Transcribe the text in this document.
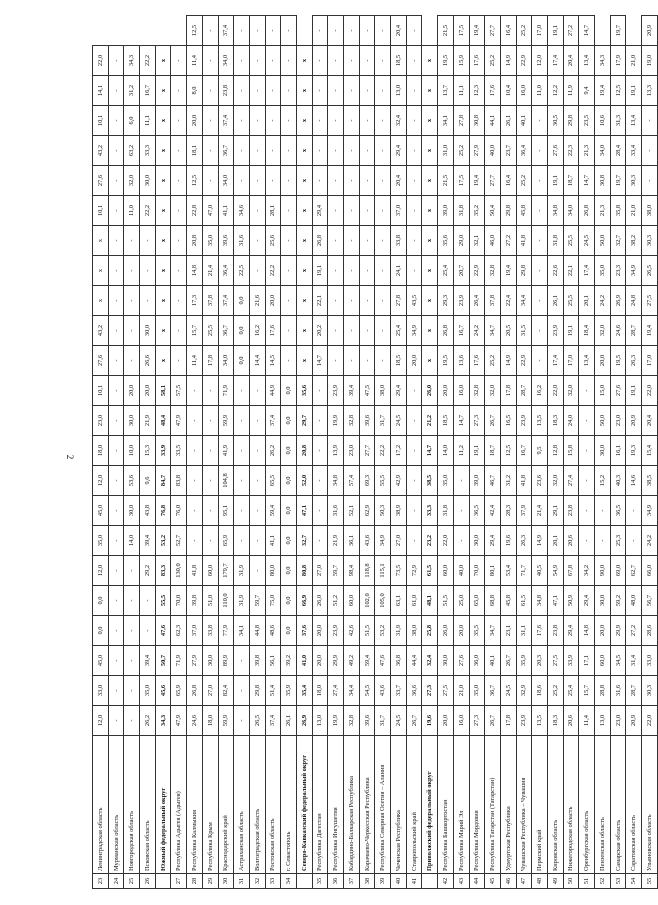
2
23	Ленинградская область	12,0	33,0	45,0	0,0	0,0	12,0	35,0	45,0	12,0	18,0	23,0	10,1	27,6	43,2	x	x	x	10,1	27,6	43,2	10,1	14,1	22,0	
24	Мурманская область	-	-	-	-	-	-	-	-	-	-	-	-	-	-	-	-	-	-	-	-	-	-	-	
25	Новгородская область	-	-	-	-	-	-	14,0	30,0	53,6	10,0	30,0	20,0	-	-	-	-	-	11,0	32,0	63,2	6,0	31,2	34,3	
26	Псковская область	26,2	35,0	39,4	-	-	29,2	39,4	43,8	9,6	15,3	21,9	20,0	26,6	30,0	-	-	-	22,2	30,0	33,3	11,1	16,7	22,2	
	Южный федеральный округ	34,3	45,6	50,7	47,6	55,5	83,3	53,2	76,8	84,7	33,9	48,4	58,1	x	x	x	x	x	x	x	x	x	x	x	
27	Республика Адыгея (Адыгея)	47,9	65,9	71,9	62,3	70,0	130,0	52,7	76,0	83,8	33,5	47,9	57,5	-	-	-	-	-	-	-	-	-	-	-	
28	Республика Калмыкия	24,6	26,8	27,9	37,0	39,8	41,8	-	-	-	-	-	-	11,4	15,7	17,3	14,8	20,8	22,8	12,5	18,1	20,0	8,0	11,4	12,5
29	Республика Крым	18,0	27,0	30,0	33,8	51,0	60,0	-	-	-	-	-	-	17,8	25,5	37,8	21,4	35,0	47,0	-	-	-	-	-	-
30	Краснодарский край	59,9	82,4	89,9	77,9	110,0	179,7	65,9	95,1	104,8	41,9	59,9	71,9	34,0	36,7	37,4	36,4	39,6	41,1	34,0	36,7	37,4	23,8	34,0	37,4
31	Астраханская область	-	-	-	34,1	31,9	31,9	-	-	-	-	-	-	0,0	0,0	0,0	22,5	31,6	34,6	-	-	-	-	-	-
32	Волгоградская область	26,5	29,8	39,8	44,8	59,7	-	-	-	-	-	-	-	14,4	16,2	21,6	-	-	-	-	-	-	-	-	-
33	Ростовская область	37,4	51,4	56,1	48,6	75,0	80,0	41,1	59,4	65,5	26,2	37,4	44,9	14,5	17,6	20,0	22,2	25,6	28,1	-	-	-	-	-	-
34	г. Севастополь	26,1	35,9	39,2	0,0	0,0	0,0	0,0	0,0	0,0	0,0	0,0	0,0	-	-	-	-	-	-	-	-	-	-	-	-
	Северо-Кавказский федеральный округ	26,9	35,4	41,0	37,6	66,9	80,8	32,7	47,1	52,0	20,8	29,7	35,6	x	x	x	x	x	x	x	x	x	x	x	
35	Республика Дагестан	13,0	18,0	20,0	20,0	26,0	27,0	-	-	-	-	-	-	14,7	20,2	22,1	19,1	26,8	29,4	-	-	-	-	-	-
36	Республика Ингушетия	19,9	27,4	29,9	23,9	51,2	59,7	21,9	31,6	34,8	13,9	19,9	23,9	-	-	-	-	-	-	-	-	-	-	-	-
37	Кабардино-Балкарская Республика	32,8	34,4	49,2	42,6	60,0	98,4	36,1	52,1	57,4	23,0	32,8	39,4	-	-	-	-	-	-	-	-	-	-	-	-
38	Карачаево-Черкесская Республика	39,6	54,5	59,4	51,5	102,0	118,8	43,6	62,9	69,3	27,7	39,6	47,5	-	-	-	-	-	-	-	-	-	-	-	-
39	Республика Северная Осетия – Алания	31,7	43,6	47,6	53,2	105,0	115,1	34,9	50,3	55,5	22,2	31,7	38,0	-	-	-	-	-	-	-	-	-	-	-	-
40	Чеченская Республика	24,5	33,7	36,8	31,9	63,1	73,5	27,0	38,9	42,9	17,2	24,5	29,4	18,5	25,4	27,8	24,1	33,8	37,0	20,4	29,4	32,4	13,0	18,5	20,4
41	Ставропольский край	26,7	36,6	44,4	38,0	61,0	72,9	-	-	-	-	-	-	20,0	34,9	43,5	-	-	-	-	-	-	-	-	-
	Приволжский федеральный округ	19,6	27,3	32,4	25,8	48,1	61,5	23,2	33,3	38,5	14,7	21,2	26,0	x	x	x	x	x	x	x	x	x	x	x	
42	Республика Башкортостан	20,0	27,5	30,0	26,0	51,5	60,0	22,0	31,8	35,0	14,0	18,5	20,0	19,5	26,8	29,3	25,4	35,6	39,0	21,5	31,0	34,1	13,7	19,5	21,5
43	Республика Марий Эл	16,0	21,0	27,6	20,0	25,0	40,0	-	-	-	11,2	14,7	16,0	13,6	16,7	23,9	20,7	29,0	31,8	17,5	25,2	27,8	11,1	15,9	17,5
44	Республика Мордовия	27,3	35,0	36,0	35,5	65,0	70,0	30,0	36,5	39,0	19,1	27,3	32,8	17,6	24,2	26,4	22,9	32,1	35,2	19,4	27,9	30,8	12,3	17,6	19,4
45	Республика Татарстан (Татарстан)	26,7	36,7	40,1	34,7	68,8	80,1	29,4	42,4	46,7	18,7	26,7	32,0	25,2	34,7	37,8	32,8	46,0	50,4	27,7	40,0	44,1	17,6	25,2	27,7
46	Удмуртская Республика	17,8	24,5	26,7	23,1	45,8	53,4	19,6	28,3	31,2	12,5	16,5	17,8	14,9	20,5	22,4	19,4	27,2	29,8	16,4	23,7	26,1	10,4	14,9	16,4
47	Чувашская Республика – Чувашия	23,9	32,9	35,9	31,1	61,5	71,7	26,3	37,9	41,8	16,7	23,9	28,7	22,9	31,5	34,4	29,8	41,8	45,8	25,2	36,4	40,1	16,0	22,9	25,2
48	Пермский край	13,5	18,6	20,3	17,6	34,8	40,5	14,9	21,4	23,6	9,5	13,5	16,2	-	-	-	-	-	-	-	-	-	11,0	12,0	17,0
49	Кировская область	18,3	25,2	27,5	23,8	47,1	54,9	20,1	29,1	32,0	12,8	18,3	22,0	17,4	23,9	26,1	22,6	31,8	34,8	19,1	27,6	30,5	12,2	17,4	19,1
50	Нижегородская область	20,6	25,4	33,9	29,4	50,9	67,8	20,6	23,8	27,4	15,8	24,0	32,0	17,0	19,1	25,5	22,1	25,5	34,0	18,7	22,3	29,8	11,9	20,4	27,2
51	Оренбургская область	11,4	15,7	17,1	14,8	29,4	34,2	-	-	-	-	-	-	13,4	18,4	20,1	17,4	24,5	26,8	14,7	21,3	23,5	9,4	13,4	14,7
52	Пензенская область	13,0	28,8	60,0	20,0	30,0	90,0	-	-	15,2	30,0	50,0	15,0	20,0	32,0	24,2	35,0	50,0	21,3	30,8	34,0	10,6	19,4	34,3	
53	Самарская область	23,0	31,6	34,5	29,9	59,2	69,0	25,3	36,5	40,3	16,1	23,0	27,6	19,5	24,6	26,9	23,3	32,7	35,8	19,7	28,4	31,3	12,5	17,9	19,7
54	Саратовская область	20,9	28,7	31,4	27,2	48,0	62,7	-	-	14,6	19,3	20,9	19,1	26,3	28,7	24,8	34,9	38,2	21,0	30,3	33,4	13,4	19,1	21,0	
55	Ульяновская область	22,0	30,3	33,0	28,6	56,7	66,0	24,2	34,9	38,5	15,4	20,4	22,0	17,0	19,4	27,5	26,5	30,3	38,0	-	-	-	13,3	19,0	20,9
